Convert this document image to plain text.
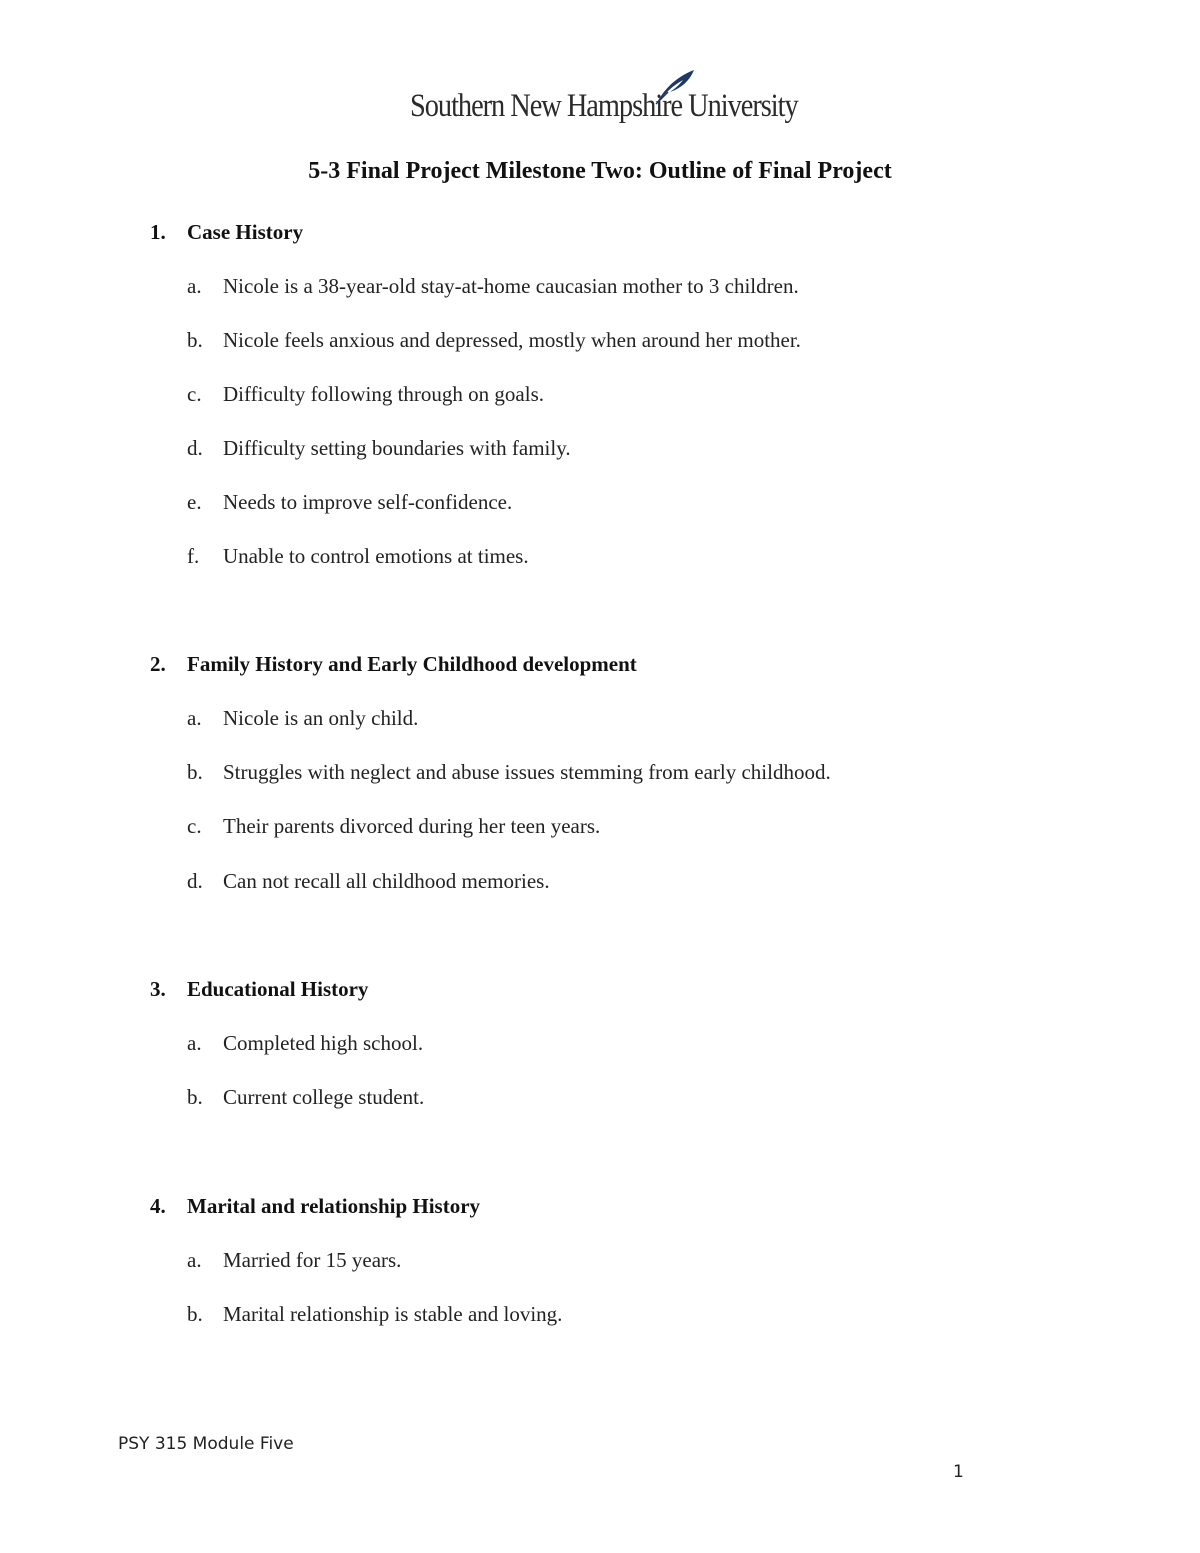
Southern New Hampshire University
5-3 Final Project Milestone Two: Outline of Final Project
1. Case History
a. Nicole is a 38-year-old stay-at-home caucasian mother to 3 children.
b. Nicole feels anxious and depressed, mostly when around her mother.
c. Difficulty following through on goals.
d. Difficulty setting boundaries with family.
e. Needs to improve self-confidence.
f. Unable to control emotions at times.
2. Family History and Early Childhood development
a. Nicole is an only child.
b. Struggles with neglect and abuse issues stemming from early childhood.
c. Their parents divorced during her teen years.
d. Can not recall all childhood memories.
3. Educational History
a. Completed high school.
b. Current college student.
4. Marital and relationship History
a. Married for 15 years.
b. Marital relationship is stable and loving.
PSY 315 Module Five
1
